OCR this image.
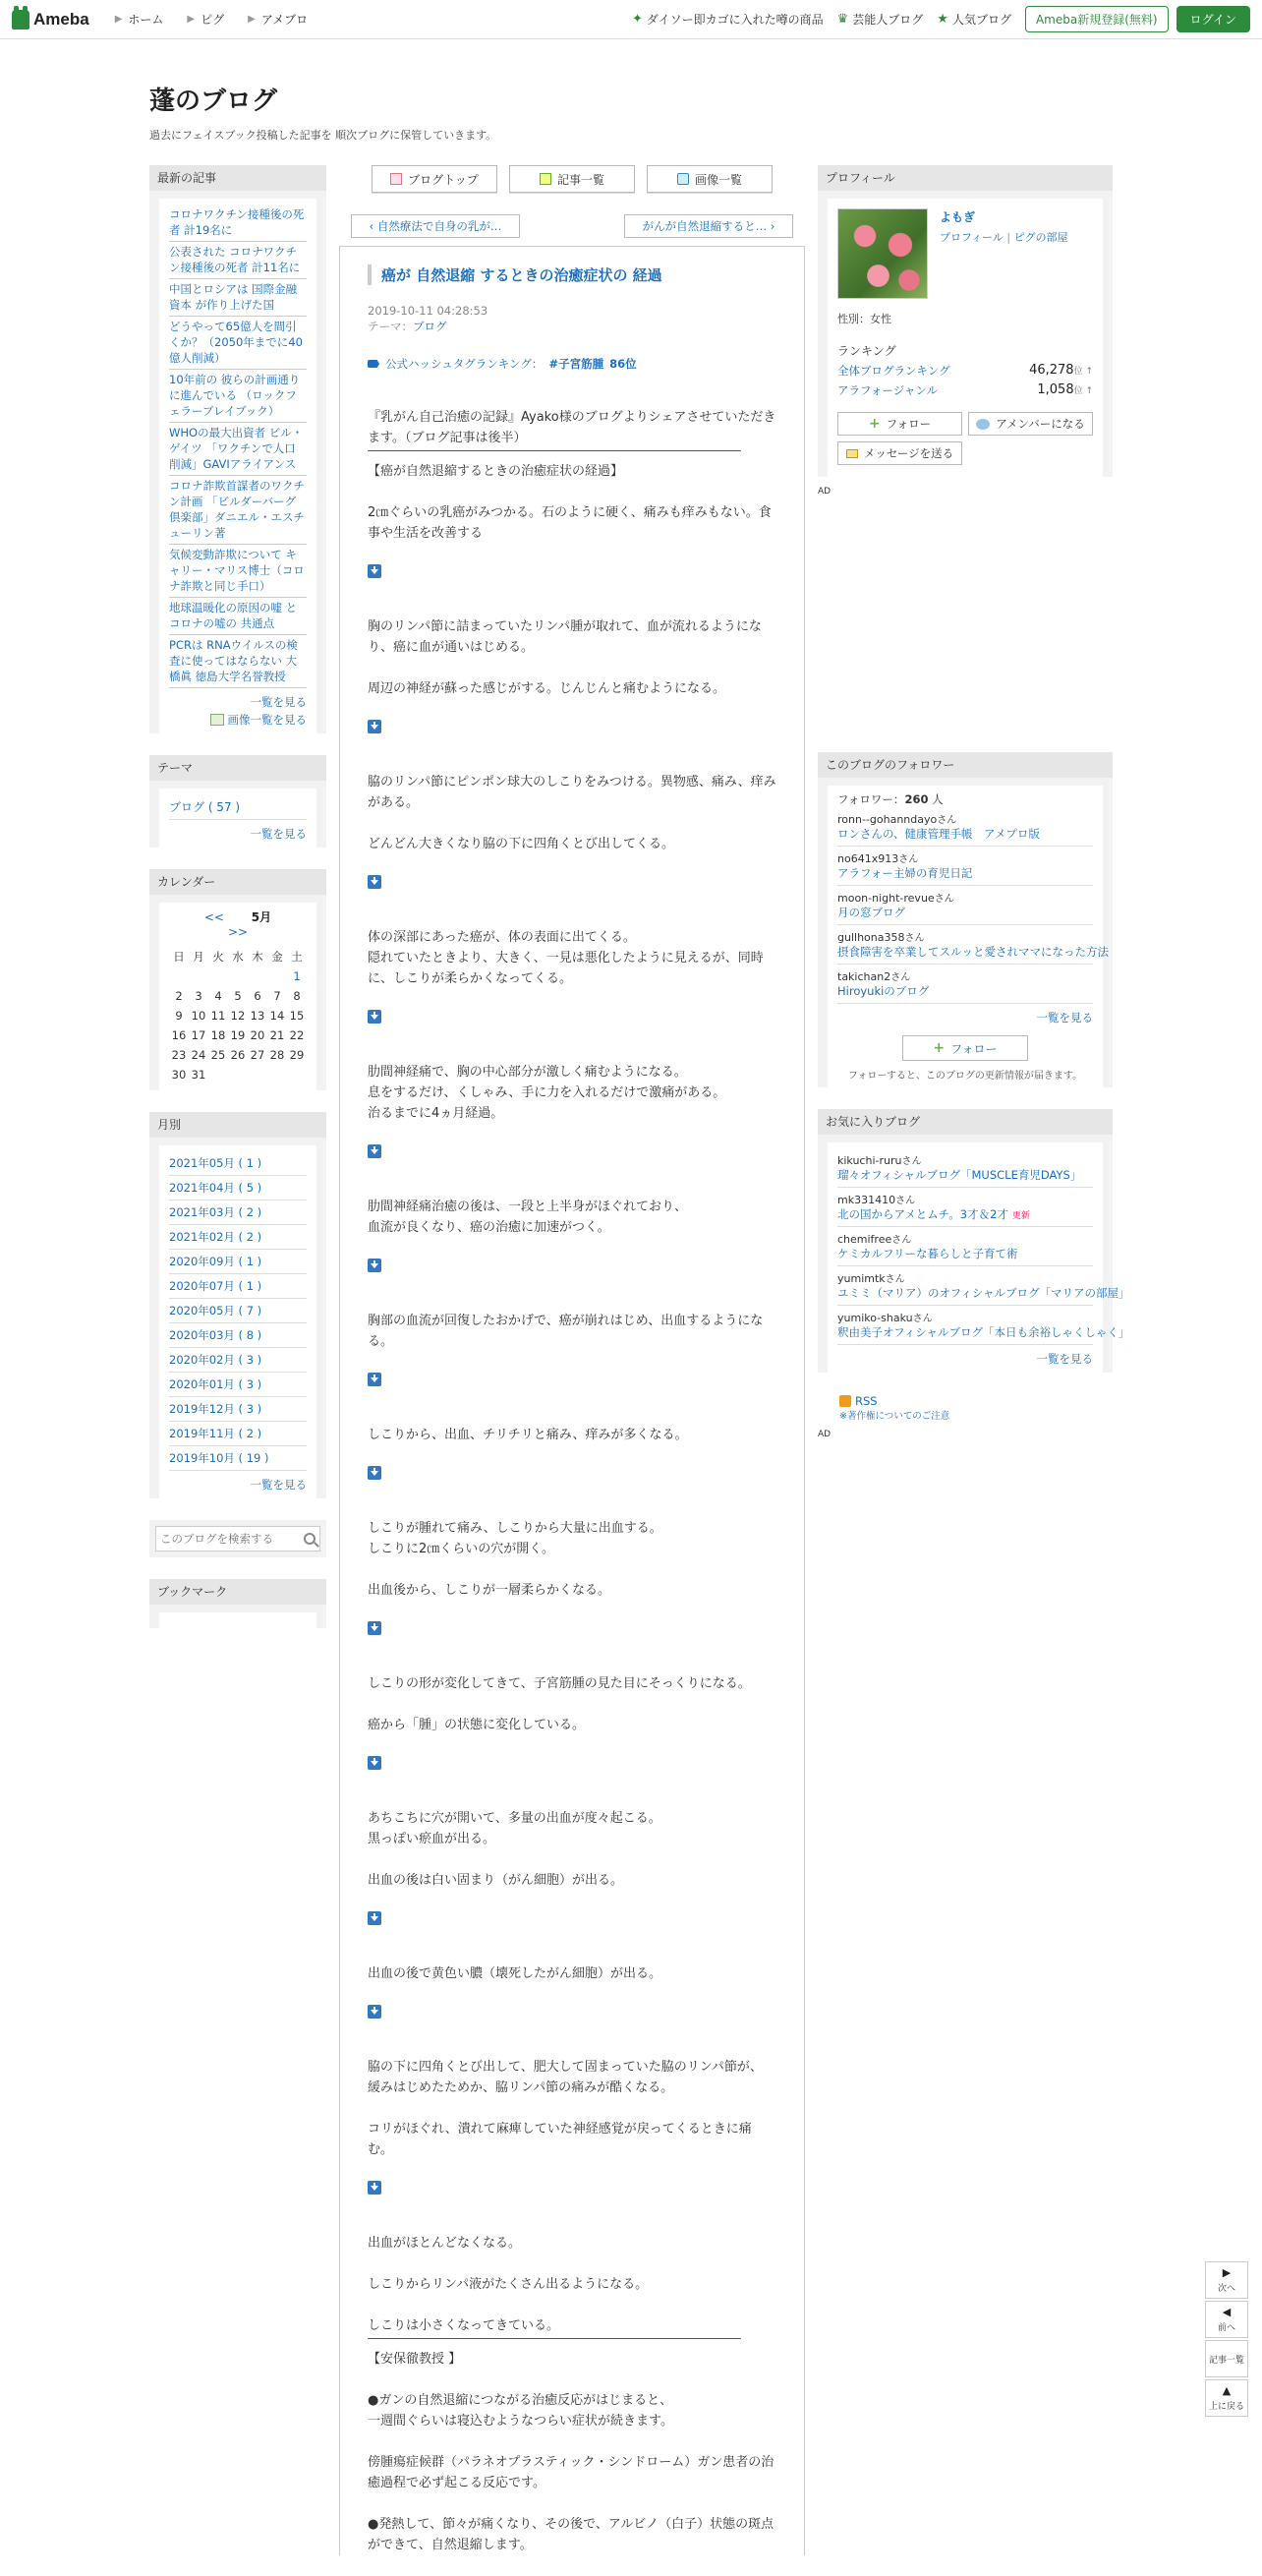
Ameba	▶ ホーム ▶ ピグ ▶ アメブロ	✦ ダイソー即カゴに入れた噂の商品 ♛ 芸能人ブログ ★ 人気ブログ	Ameba新規登録(無料)	ログイン
蓬のブログ
過去にフェイスブック投稿した記事を 順次ブログに保管していきます。
最新の記事
コロナワクチン接種後の死者 計19名に
公表された コロナワクチン接種後の死者 計11名に
中国とロシアは 国際金融資本 が作り上げた国
どうやって65億人を間引くか？（2050年までに40億人削減）
10年前の 彼らの計画通りに進んでいる （ロックフェラーブレイブック）
WHOの最大出資者 ビル・ゲイツ 「ワクチンで人口削減」GAVIアライアンス
コロナ詐欺首謀者のワクチン計画 「ビルダーバーグ倶楽部」ダニエル・エスチューリン著
気候変動詐欺について キャリー・マリス博士（コロナ詐欺と同じ手口）
地球温暖化の原因の嘘 とコロナの嘘の 共通点
PCRは RNAウイルスの検査に使ってはならない 大橋眞 徳島大学名誉教授
一覧を見る
画像一覧を見る
テーマ
ブログ ( 57 )
一覧を見る
カレンダー
<< 5月 >>
日	月	火	水	木	金	土
						1
2	3	4	5	6	7	8
9	10	11	12	13	14	15
16	17	18	19	20	21	22
23	24	25	26	27	28	29
30	31					
月別
2021年05月 ( 1 )
2021年04月 ( 5 )
2021年03月 ( 2 )
2021年02月 ( 2 )
2020年09月 ( 1 )
2020年07月 ( 1 )
2020年05月 ( 7 )
2020年03月 ( 8 )
2020年02月 ( 3 )
2020年01月 ( 3 )
2019年12月 ( 3 )
2019年11月 ( 2 )
2019年10月 ( 19 )
一覧を見る
このブログを検索する
ブックマーク
ブログトップ	記事一覧	画像一覧
‹ 自然療法で自身の乳が…	がんが自然退縮すると… ›
癌が 自然退縮 するときの治癒症状の 経過
2019-10-11 04:28:53
テーマ：ブログ
公式ハッシュタグランキング： #子宮筋腫 86位
『乳がん自己治癒の記録』Ayako様のブログよりシェアさせていただきます。（ブログ記事は後半）
【癌が自然退縮するときの治癒症状の経過】
2㎝ぐらいの乳癌がみつかる。石のように硬く、痛みも痒みもない。食事や生活を改善する
胸のリンパ節に詰まっていたリンパ腫が取れて、血が流れるようになり、癌に血が通いはじめる。
周辺の神経が蘇った感じがする。じんじんと痛むようになる。
脇のリンパ節にピンポン球大のしこりをみつける。異物感、痛み、痒みがある。
どんどん大きくなり脇の下に四角くとび出してくる。
体の深部にあった癌が、体の表面に出てくる。
隠れていたときより、大きく、一見は悪化したように見えるが、同時に、しこりが柔らかくなってくる。
肋間神経痛で、胸の中心部分が激しく痛むようになる。
息をするだけ、くしゃみ、手に力を入れるだけで激痛がある。
治るまでに4ヵ月経過。
肋間神経痛治癒の後は、一段と上半身がほぐれており、
血流が良くなり、癌の治癒に加速がつく。
胸部の血流が回復したおかげで、癌が崩れはじめ、出血するようになる。
しこりから、出血、チリチリと痛み、痒みが多くなる。
しこりが腫れて痛み、しこりから大量に出血する。
しこりに2㎝くらいの穴が開く。
出血後から、しこりが一層柔らかくなる。
しこりの形が変化してきて、子宮筋腫の見た目にそっくりになる。
癌から「腫」の状態に変化している。
あちこちに穴が開いて、多量の出血が度々起こる。
黒っぽい瘀血が出る。
出血の後は白い固まり（がん細胞）が出る。
出血の後で黄色い膿（壊死したがん細胞）が出る。
脇の下に四角くとび出して、肥大して固まっていた脇のリンパ節が、
緩みはじめたためか、脇リンパ節の痛みが酷くなる。
コリがほぐれ、潰れて麻痺していた神経感覚が戻ってくるときに痛む。
出血がほとんどなくなる。
しこりからリンパ液がたくさん出るようになる。
しこりは小さくなってきている。
【安保徹教授 】
●ガンの自然退縮につながる治癒反応がはじまると、
一週間ぐらいは寝込むようなつらい症状が続きます。
傍腫瘍症候群（パラネオプラスティック・シンドローム）ガン患者の治癒過程で必ず起こる反応です。
●発熱して、節々が痛くなり、その後で、アルビノ（白子）状態の斑点ができて、自然退縮します。
プロフィール
よもぎ
プロフィール | ピグの部屋
性別：女性
ランキング
全体ブログランキング	46,278位 ↑
アラフォージャンル	1,058位 ↑
+ フォロー	アメンバーになる
メッセージを送る
AD
このブログのフォロワー
フォロワー：260 人
ronn--gohanndayoさん
ロンさんの、健康管理手帳　アメプロ版
no641x913さん
アラフォー主婦の育児日記
moon-night-revueさん
月の窓ブログ
gullhona358さん
摂食障害を卒業してスルッと愛されママになった方法
takichan2さん
Hiroyukiのブログ
一覧を見る
+ フォロー
フォローすると、このブログの更新情報が届きます。
お気に入りブログ
kikuchi-ruruさん
瑠々オフィシャルブログ「MUSCLE育児DAYS」
mk331410さん
北の国からアメとムチ。3才＆2才 更新
chemifreeさん
ケミカルフリーな暮らしと子育て術
yumimtkさん
ユミミ（マリア）のオフィシャルブログ「マリアの部屋」
yumiko-shakuさん
釈由美子オフィシャルブログ「本日も余裕しゃくしゃく」
一覧を見る
RSS
※著作権についてのご注意
AD
▶
次へ
◀
前へ
記事一覧
▲
上に戻る
